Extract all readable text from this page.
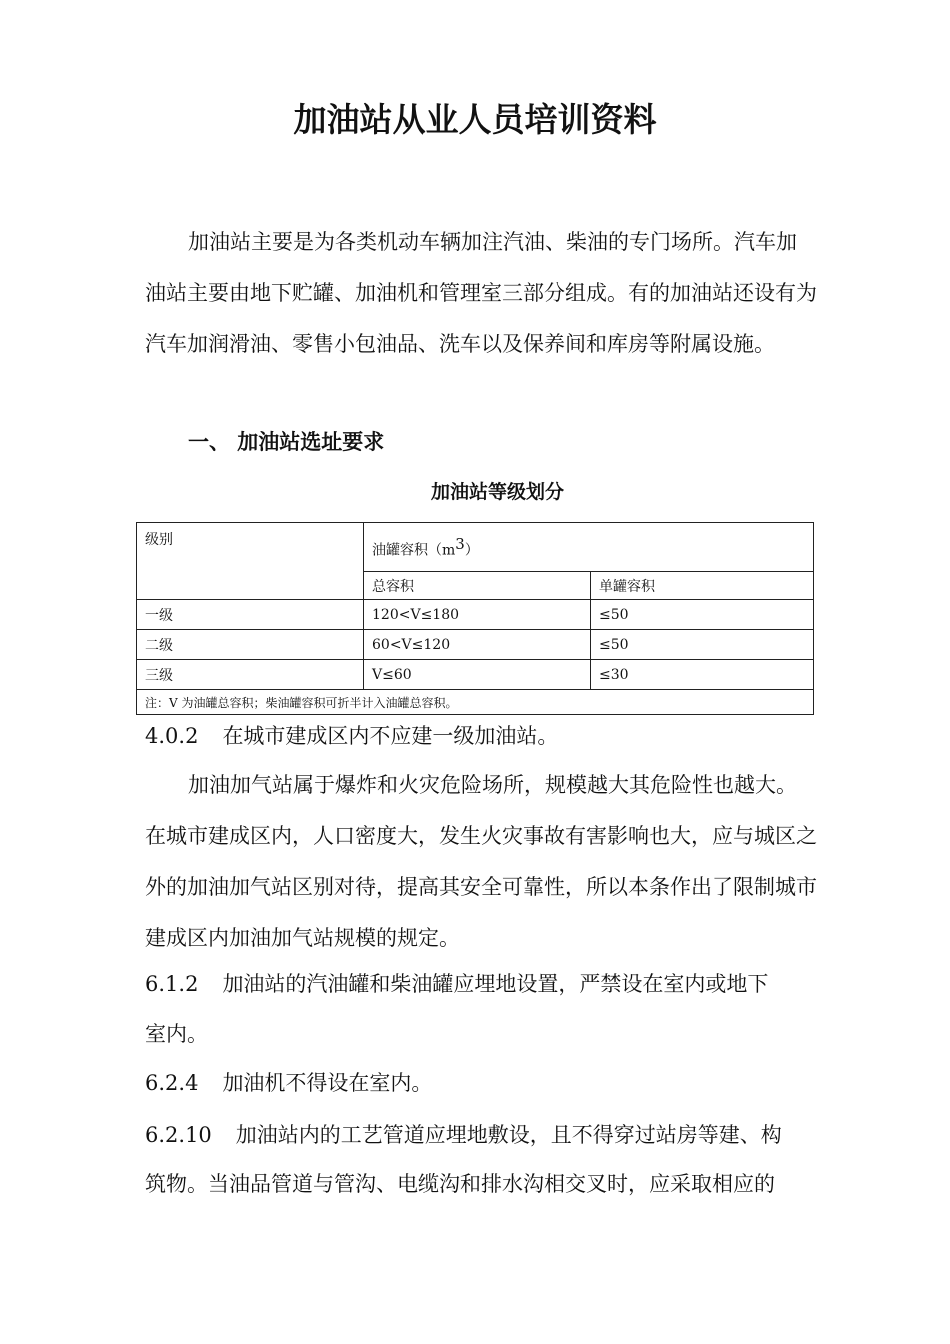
加油站从业人员培训资料
加油站主要是为各类机动车辆加注汽油、柴油的专门场所。汽车加油站主要由地下贮罐、加油机和管理室三部分组成。有的加油站还设有为汽车加润滑油、零售小包油品、洗车以及保养间和库房等附属设施。
一、 加油站选址要求
加油站等级划分
级别	油罐容积$(m^3)$	
	总容积	单罐容积
一级	120<V≤180	≤50
二级	60<V≤120	≤50
三级	V≤60	≤30
注：V 为油罐总容积；柴油罐容积可折半计入油罐总容积。		
4.0.2 在城市建成区内不应建一级加油站。
加油加气站属于爆炸和火灾危险场所，规模越大其危险性也越大。在城市建成区内，人口密度大，发生火灾事故有害影响也大，应与城区之外的加油加气站区别对待，提高其安全可靠性，所以本条作出了限制城市建成区内加油加气站规模的规定。
6.1.2 加油站的汽油罐和柴油罐应埋地设置，严禁设在室内或地下
室内。
6.2.4 加油机不得设在室内。
6.2.10 加油站内的工艺管道应埋地敷设，且不得穿过站房等建、构
筑物。当油品管道与管沟、电缆沟和排水沟相交叉时，应采取相应的
